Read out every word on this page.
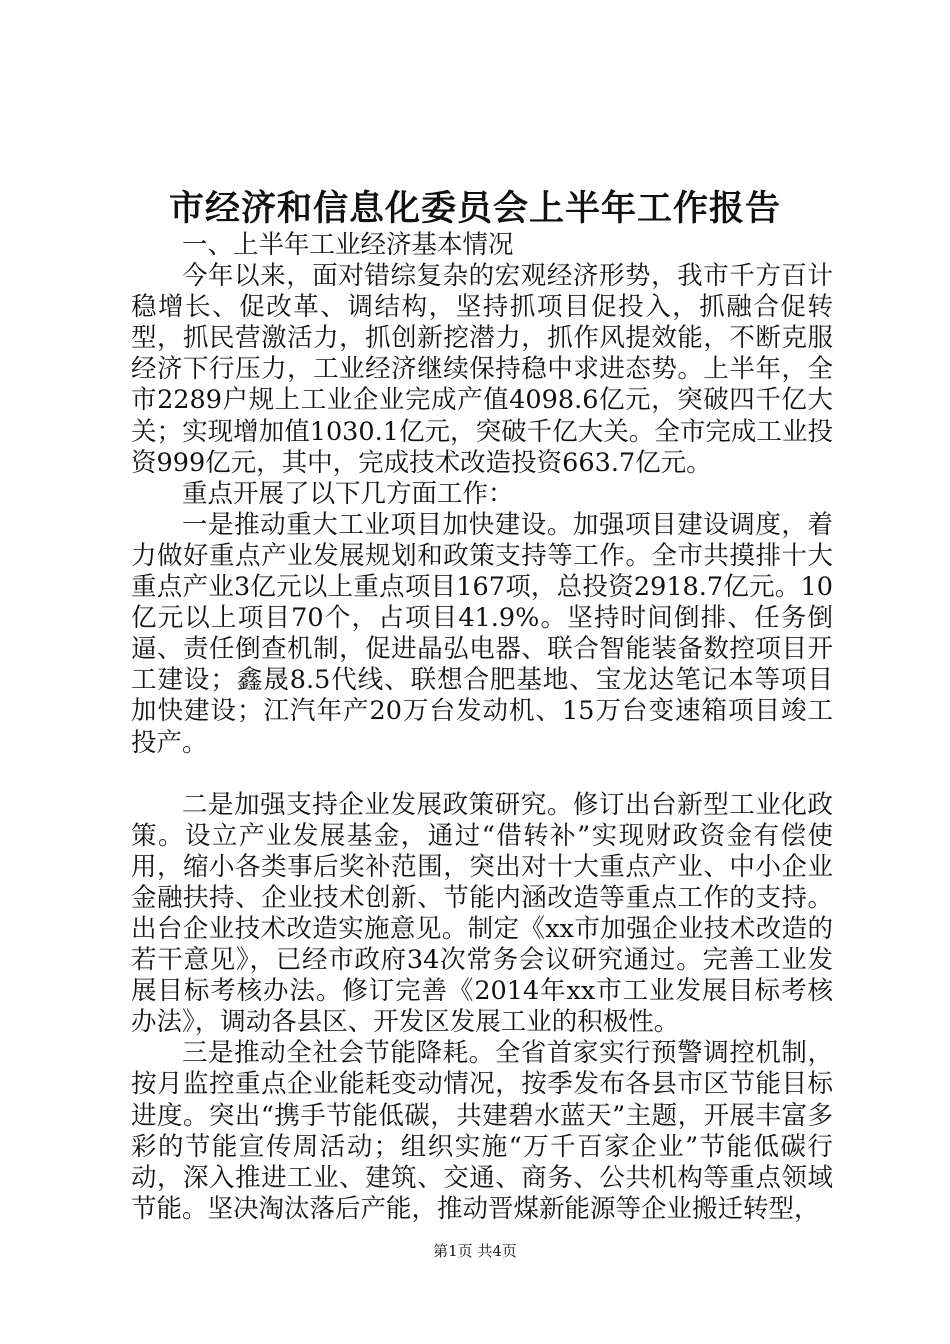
市经济和信息化委员会上半年工作报告

一、上半年工业经济基本情况

今年以来，面对错综复杂的宏观经济形势，我市千方百计稳增长、促改革、调结构，坚持抓项目促投入，抓融合促转型，抓民营激活力，抓创新挖潜力，抓作风提效能，不断克服经济下行压力，工业经济继续保持稳中求进态势。上半年，全市2289户规上工业企业完成产值4098.6亿元，突破四千亿大关；实现增加值1030.1亿元，突破千亿大关。全市完成工业投资999亿元，其中，完成技术改造投资663.7亿元。

重点开展了以下几方面工作：

一是推动重大工业项目加快建设。加强项目建设调度，着力做好重点产业发展规划和政策支持等工作。全市共摸排十大重点产业3亿元以上重点项目167项，总投资2918.7亿元。10亿元以上项目70个，占项目41.9%。坚持时间倒排、任务倒逼、责任倒查机制，促进晶弘电器、联合智能装备数控项目开工建设；鑫晟8.5代线、联想合肥基地、宝龙达笔记本等项目加快建设；江汽年产20万台发动机、15万台变速箱项目竣工投产。

二是加强支持企业发展政策研究。修订出台新型工业化政策。设立产业发展基金，通过“借转补”实现财政资金有偿使用，缩小各类事后奖补范围，突出对十大重点产业、中小企业金融扶持、企业技术创新、节能内涵改造等重点工作的支持。出台企业技术改造实施意见。制定《xx市加强企业技术改造的若干意见》，已经市政府34次常务会议研究通过。完善工业发展目标考核办法。修订完善《2014年xx市工业发展目标考核办法》，调动各县区、开发区发展工业的积极性。

三是推动全社会节能降耗。全省首家实行预警调控机制，按月监控重点企业能耗变动情况，按季发布各县市区节能目标进度。突出“携手节能低碳，共建碧水蓝天”主题，开展丰富多彩的节能宣传周活动；组织实施“万千百家企业”节能低碳行动，深入推进工业、建筑、交通、商务、公共机构等重点领域节能。坚决淘汰落后产能，推动晋煤新能源等企业搬迁转型，

第1页 共4页
